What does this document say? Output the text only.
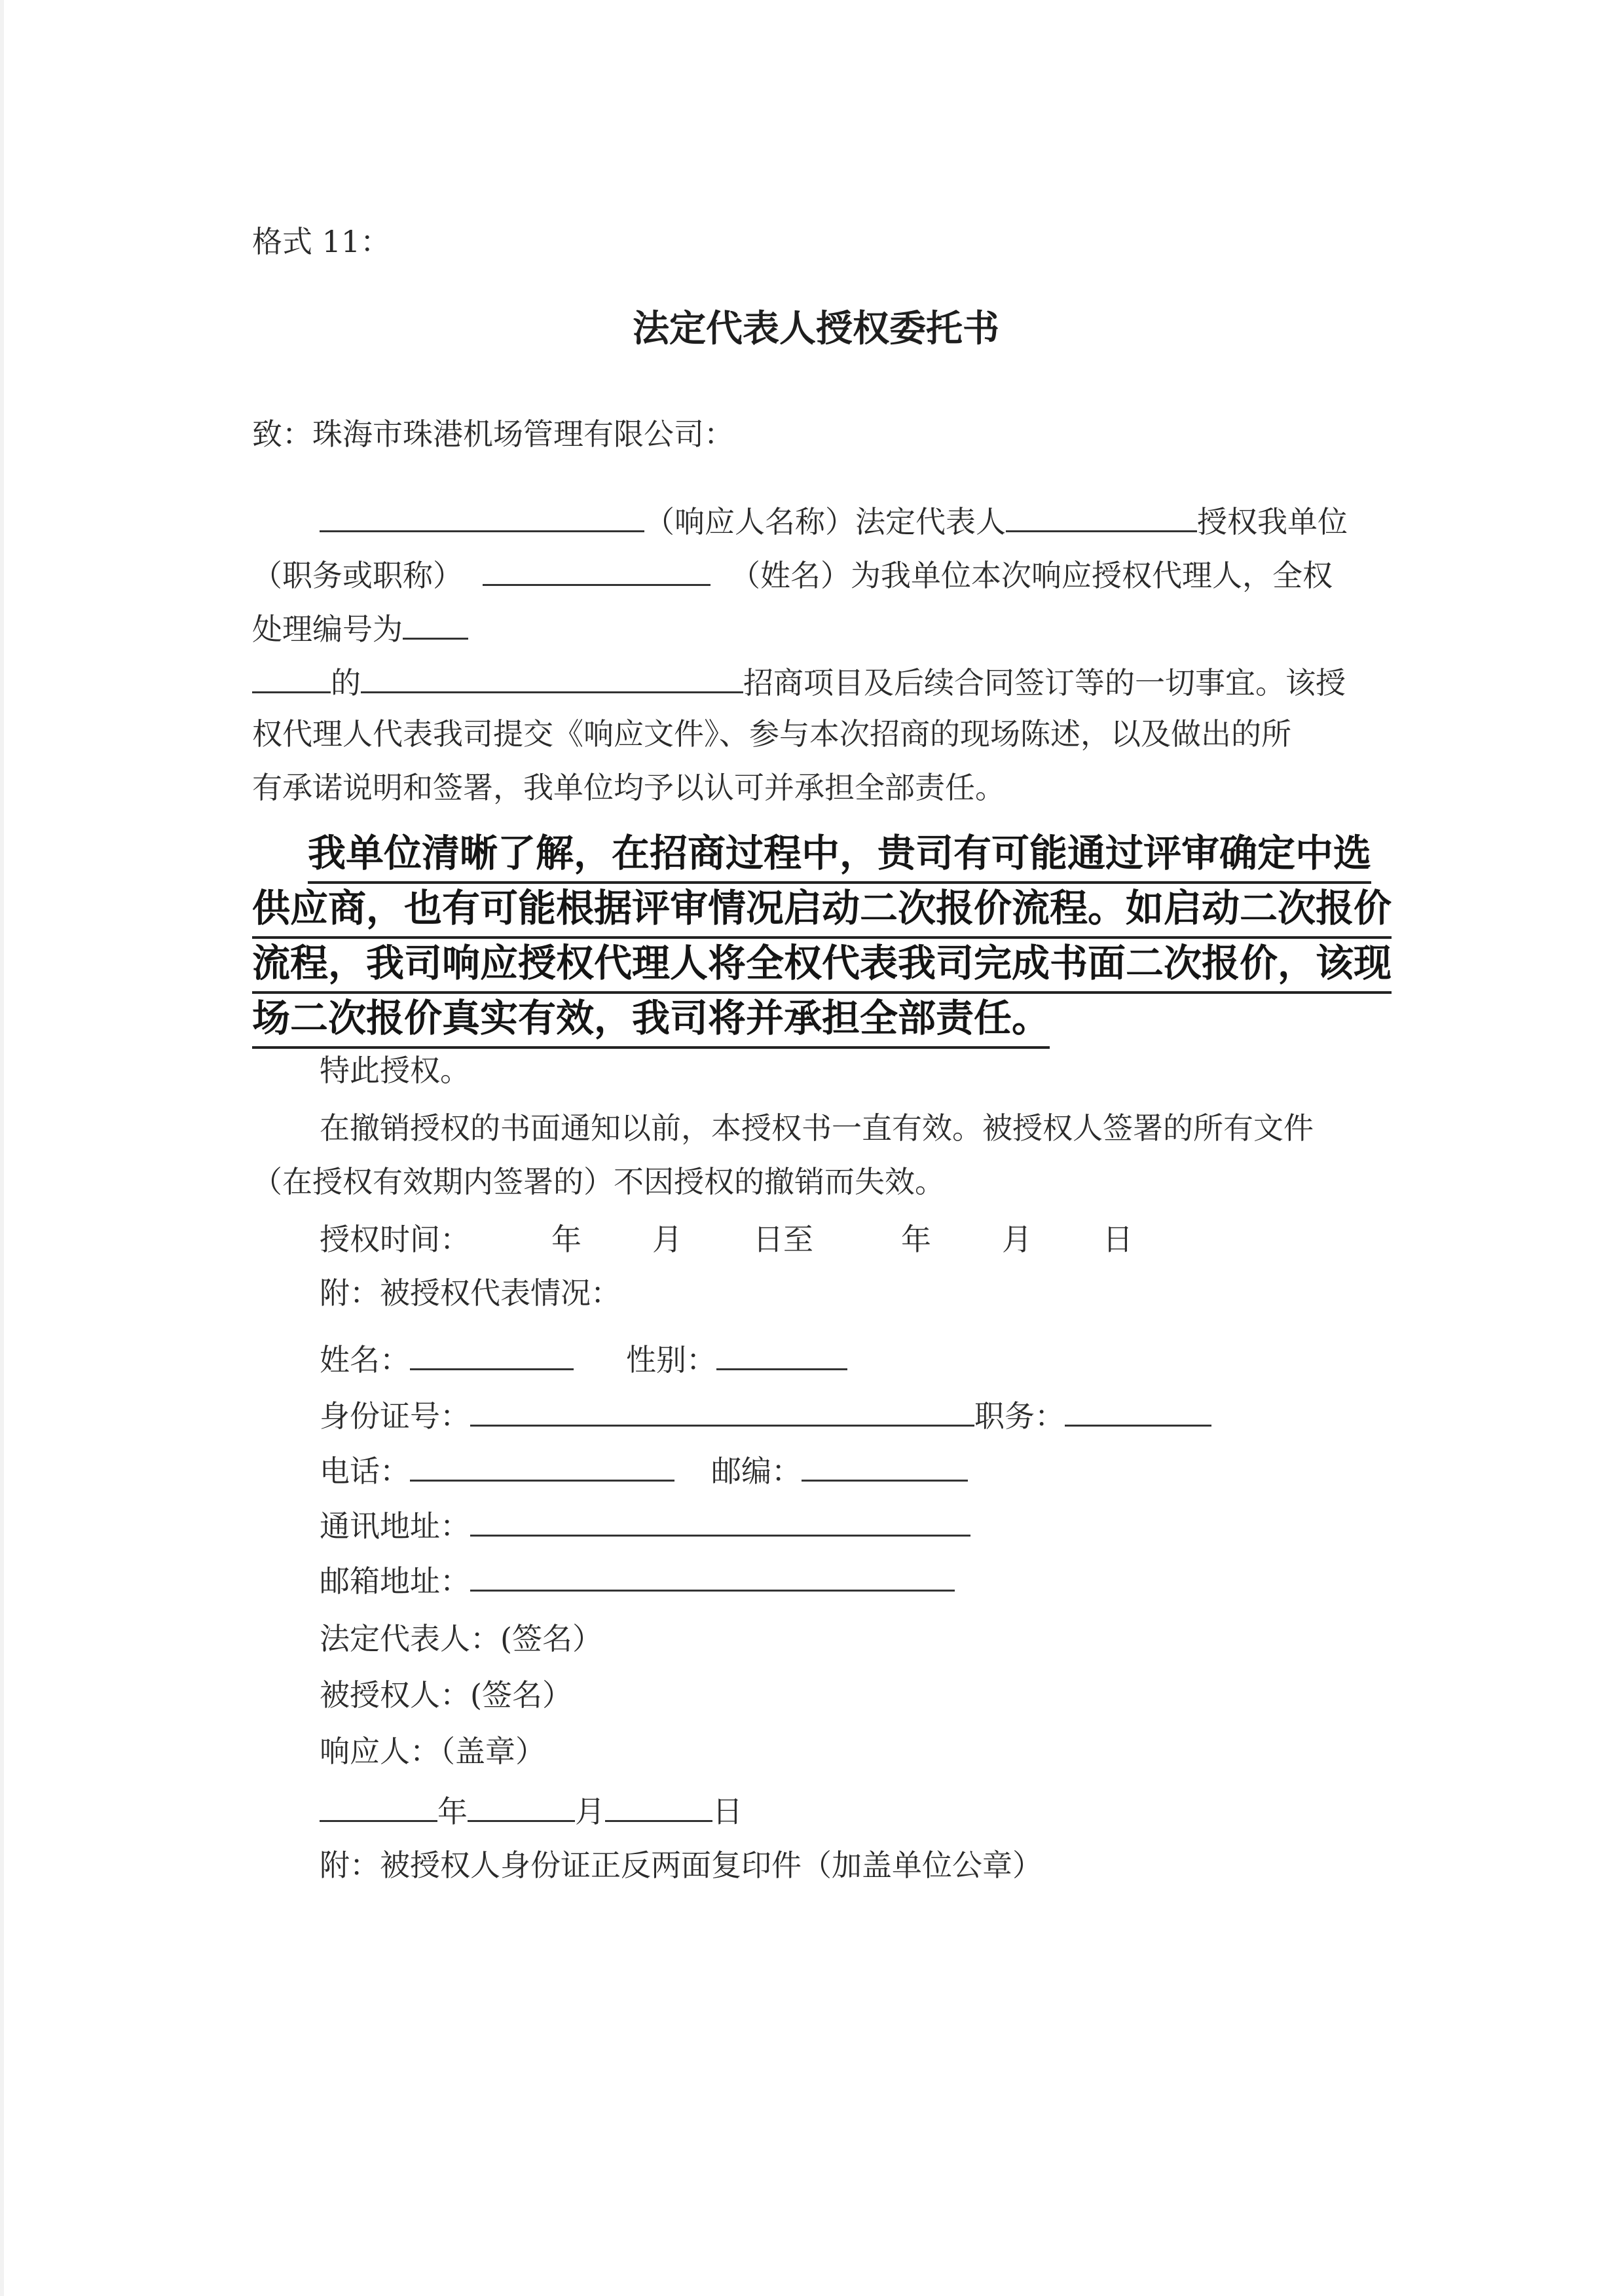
格式 11：
法定代表人授权委托书
致：珠海市珠港机场管理有限公司：
（响应人名称）法定代表人	授权我单位
（职务或职称）	（姓名）为我单位本次响应授权代理人，全权
处理编号为
的	招商项目及后续合同签订等的一切事宜。该授
权代理人代表我司提交《响应文件》、参与本次招商的现场陈述，以及做出的所
有承诺说明和签署，我单位均予以认可并承担全部责任。
我单位清晰了解，在招商过程中，贵司有可能通过评审确定中选
供应商，也有可能根据评审情况启动二次报价流程。如启动二次报价
流程，我司响应授权代理人将全权代表我司完成书面二次报价，该现
场二次报价真实有效，我司将并承担全部责任。
特此授权。
在撤销授权的书面通知以前，本授权书一直有效。被授权人签署的所有文件
（在授权有效期内签署的）不因授权的撤销而失效。
授权时间：	年 月 日至	年 月 日
附：被授权代表情况：
姓名：	性别：
身份证号：	职务：
电话：	邮编：
通讯地址：
邮箱地址：
法定代表人：(签名）
被授权人：(签名）
响应人：（盖章）
年	月	日
附：被授权人身份证正反两面复印件（加盖单位公章）
